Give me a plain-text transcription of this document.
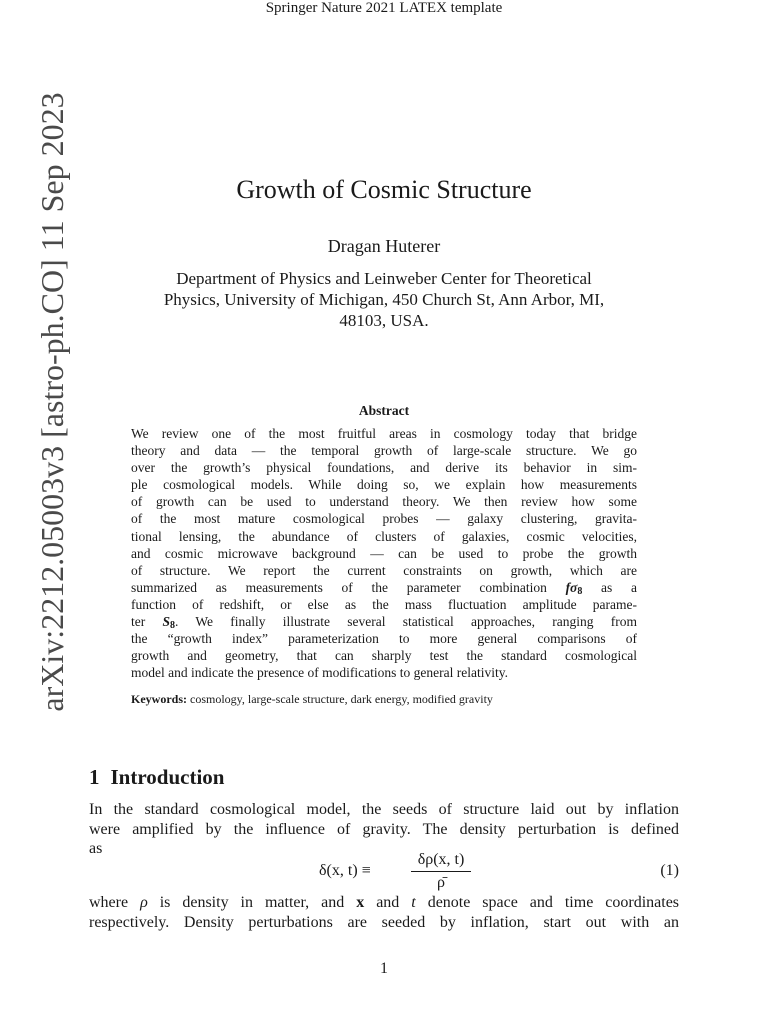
Springer Nature 2021 LATEX template
arXiv:2212.05003v3 [astro-ph.CO] 11 Sep 2023	Growth of Cosmic Structure
Dragan Huterer
Department of Physics and Leinweber Center for Theoretical
Physics, University of Michigan, 450 Church St, Ann Arbor, MI,
48103, USA.
Abstract
We review one of the most fruitful areas in cosmology today that bridge
theory and data — the temporal growth of large-scale structure. We go
over the growth’s physical foundations, and derive its behavior in sim-
ple cosmological models. While doing so, we explain how measurements
of growth can be used to understand theory. We then review how some
of the most mature cosmological probes — galaxy clustering, gravita-
tional lensing, the abundance of clusters of galaxies, cosmic velocities,
and cosmic microwave background — can be used to probe the growth
of structure. We report the current constraints on growth, which are
summarized as measurements of the parameter combination $f\sigma_8$ as a
function of redshift, or else as the mass fluctuation amplitude parame-
ter $S_8$. We finally illustrate several statistical approaches, ranging from
the “growth index” parameterization to more general comparisons of
growth and geometry, that can sharply test the standard cosmological
model and indicate the presence of modifications to general relativity.
Keywords: cosmology, large-scale structure, dark energy, modified gravity
1 Introduction
In the standard cosmological model, the seeds of structure laid out by inflation
were amplified by the influence of gravity. The density perturbation is defined
as
δ(x, t) ≡
δρ(x, t)
ρ̄
(1)
where ρ is density in matter, and x and t denote space and time coordinates
respectively. Density perturbations are seeded by inflation, start out with an
1
